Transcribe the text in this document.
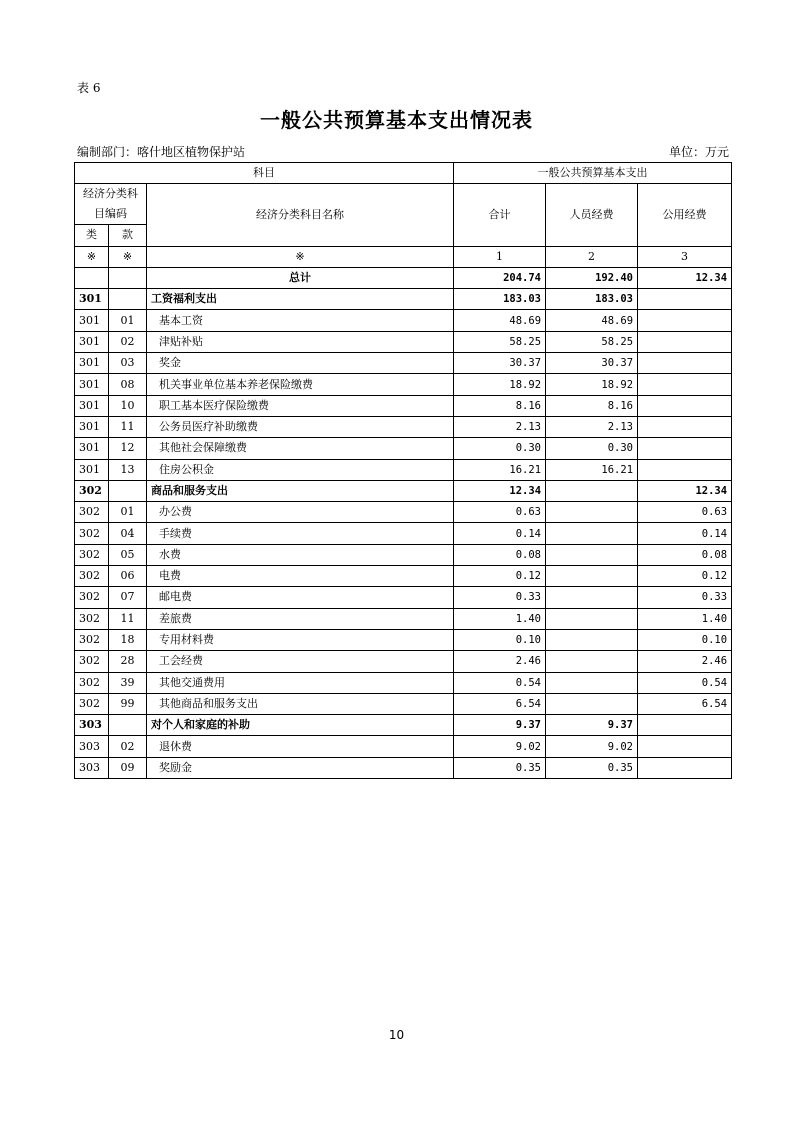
表 6
一般公共预算基本支出情况表
编制部门：喀什地区植物保护站	单位：万元
科目			一般公共预算基本支出		
经济分类科
目编码		经济分类科目名称	合计	人员经费	公用经费
类	款				
※	※	※	1	2	3
		总计	204.74	192.40	12.34
301		工资福利支出	183.03	183.03	
301	01	基本工资	48.69	48.69	
301	02	津贴补贴	58.25	58.25	
301	03	奖金	30.37	30.37	
301	08	机关事业单位基本养老保险缴费	18.92	18.92	
301	10	职工基本医疗保险缴费	8.16	8.16	
301	11	公务员医疗补助缴费	2.13	2.13	
301	12	其他社会保障缴费	0.30	0.30	
301	13	住房公积金	16.21	16.21	
302		商品和服务支出	12.34		12.34
302	01	办公费	0.63		0.63
302	04	手续费	0.14		0.14
302	05	水费	0.08		0.08
302	06	电费	0.12		0.12
302	07	邮电费	0.33		0.33
302	11	差旅费	1.40		1.40
302	18	专用材料费	0.10		0.10
302	28	工会经费	2.46		2.46
302	39	其他交通费用	0.54		0.54
302	99	其他商品和服务支出	6.54		6.54
303		对个人和家庭的补助	9.37	9.37	
303	02	退休费	9.02	9.02	
303	09	奖励金	0.35	0.35	
10
